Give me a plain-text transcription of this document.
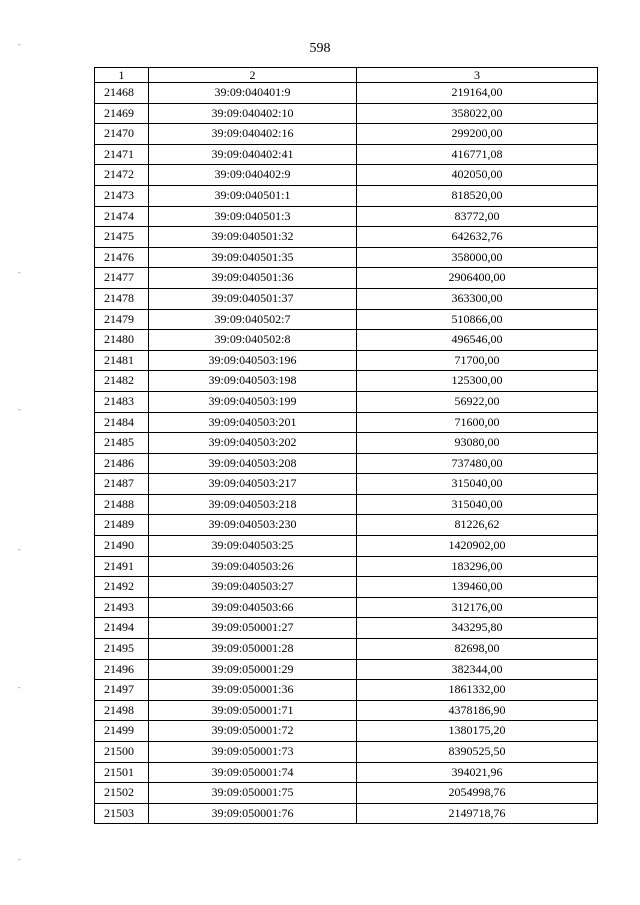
598
1	2	3
21468	39:09:040401:9	219164,00
21469	39:09:040402:10	358022,00
21470	39:09:040402:16	299200,00
21471	39:09:040402:41	416771,08
21472	39:09:040402:9	402050,00
21473	39:09:040501:1	818520,00
21474	39:09:040501:3	83772,00
21475	39:09:040501:32	642632,76
21476	39:09:040501:35	358000,00
21477	39:09:040501:36	2906400,00
21478	39:09:040501:37	363300,00
21479	39:09:040502:7	510866,00
21480	39:09:040502:8	496546,00
21481	39:09:040503:196	71700,00
21482	39:09:040503:198	125300,00
21483	39:09:040503:199	56922,00
21484	39:09:040503:201	71600,00
21485	39:09:040503:202	93080,00
21486	39:09:040503:208	737480,00
21487	39:09:040503:217	315040,00
21488	39:09:040503:218	315040,00
21489	39:09:040503:230	81226,62
21490	39:09:040503:25	1420902,00
21491	39:09:040503:26	183296,00
21492	39:09:040503:27	139460,00
21493	39:09:040503:66	312176,00
21494	39:09:050001:27	343295,80
21495	39:09:050001:28	82698,00
21496	39:09:050001:29	382344,00
21497	39:09:050001:36	1861332,00
21498	39:09:050001:71	4378186,90
21499	39:09:050001:72	1380175,20
21500	39:09:050001:73	8390525,50
21501	39:09:050001:74	394021,96
21502	39:09:050001:75	2054998,76
21503	39:09:050001:76	2149718,76
-
-
-
-
-
-
